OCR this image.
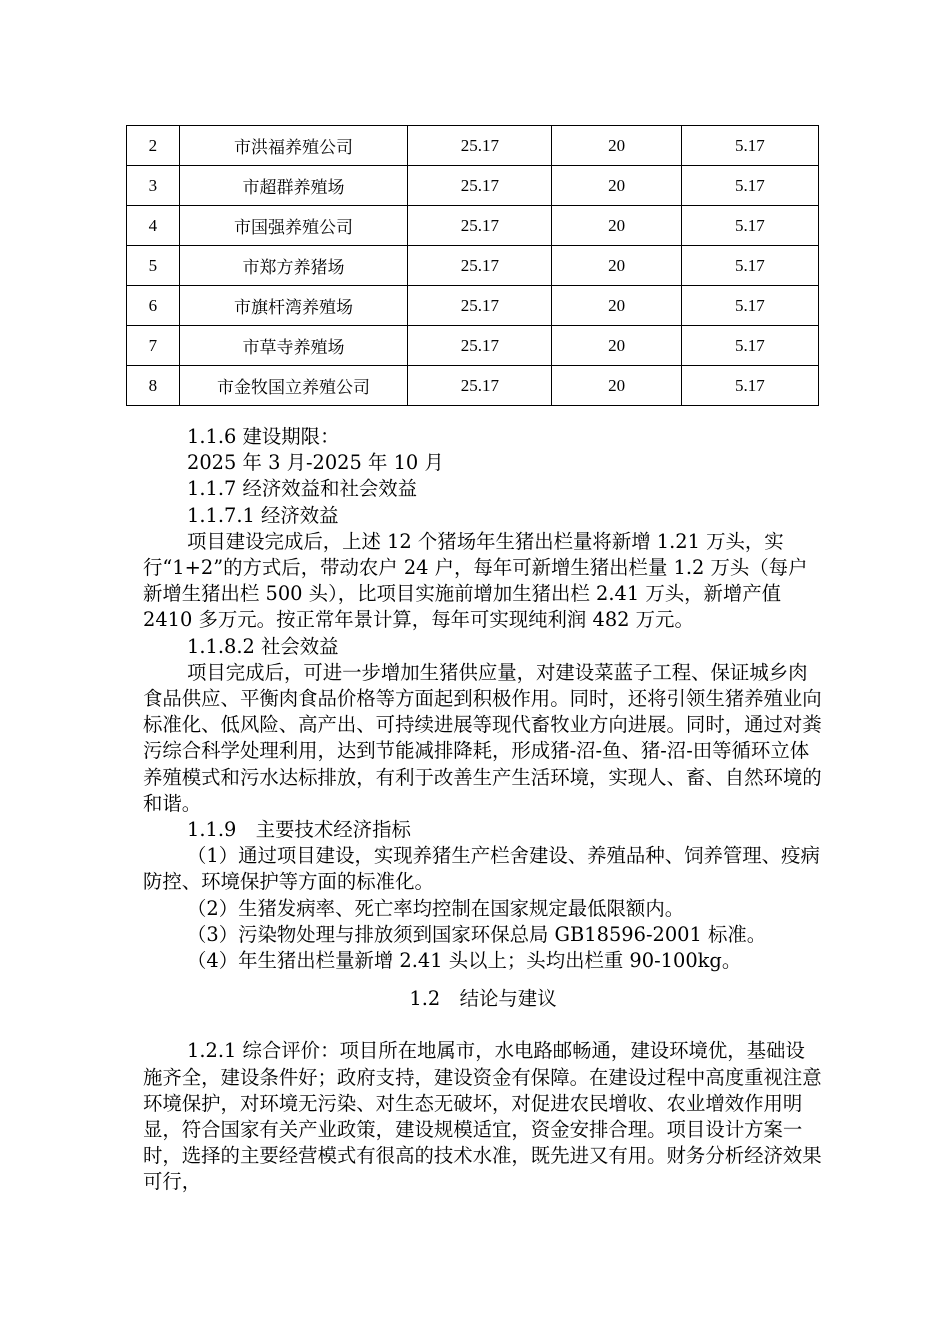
2	市洪福养殖公司	25.17	20	5.17
3	市超群养殖场	25.17	20	5.17
4	市国强养殖公司	25.17	20	5.17
5	市郑方养猪场	25.17	20	5.17
6	市旗杆湾养殖场	25.17	20	5.17
7	市草寺养殖场	25.17	20	5.17
8	市金牧国立养殖公司	25.17	20	5.17

1.1.6 建设期限：

2025 年 3 月-2025 年 10 月

1.1.7 经济效益和社会效益

1.1.7.1 经济效益

项目建设完成后，上述 12 个猪场年生猪出栏量将新增 1.21 万头，实行“1+2”的方式后，带动农户 24 户，每年可新增生猪出栏量 1.2 万头（每户新增生猪出栏 500 头），比项目实施前增加生猪出栏 2.41 万头，新增产值 2410 多万元。按正常年景计算，每年可实现纯利润 482 万元。

1.1.8.2 社会效益

项目完成后，可进一步增加生猪供应量，对建设菜蓝子工程、保证城乡肉食品供应、平衡肉食品价格等方面起到积极作用。同时，还将引领生猪养殖业向标准化、低风险、高产出、可持续进展等现代畜牧业方向进展。同时，通过对粪污综合科学处理利用，达到节能减排降耗，形成猪-沼-鱼、猪-沼-田等循环立体养殖模式和污水达标排放，有利于改善生产生活环境，实现人、畜、自然环境的和谐。

1.1.9　主要技术经济指标

（1）通过项目建设，实现养猪生产栏舍建设、养殖品种、饲养管理、疫病防控、环境保护等方面的标准化。

（2）生猪发病率、死亡率均控制在国家规定最低限额内。

（3）污染物处理与排放须到国家环保总局 GB18596-2001 标准。

（4）年生猪出栏量新增 2.41 头以上；头均出栏重 90-100kg。

1.2　结论与建议

1.2.1 综合评价：项目所在地属市，水电路邮畅通，建设环境优，基础设施齐全，建设条件好；政府支持，建设资金有保障。在建设过程中高度重视注意环境保护，对环境无污染、对生态无破坏，对促进农民增收、农业增效作用明显，符合国家有关产业政策，建设规模适宜，资金安排合理。项目设计方案一时，选择的主要经营模式有很高的技术水准，既先进又有用。财务分析经济效果可行，
